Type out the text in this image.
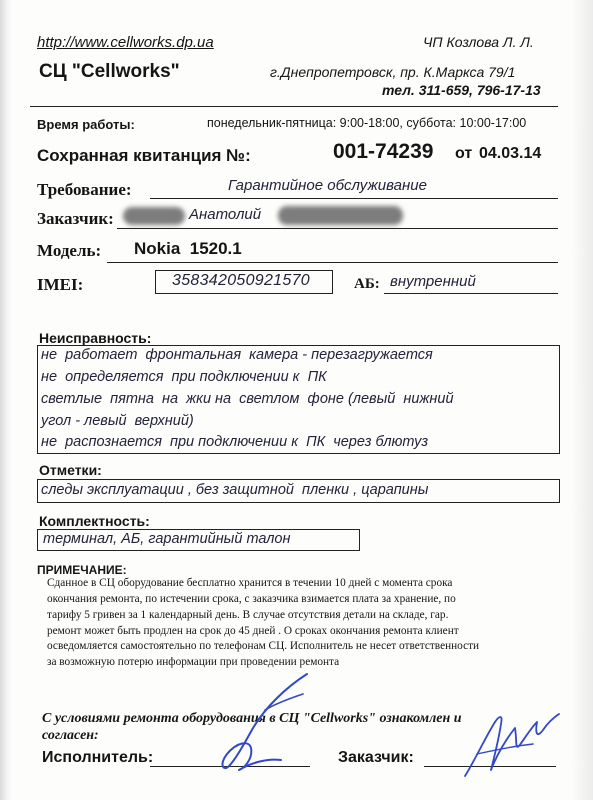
http://www.cellworks.dp.ua	ЧП Козлова Л. Л.
СЦ "Cellworks"	г.Днепропетровск, пр. К.Маркса 79/1
тел. 311-659, 796-17-13
Время работы:	понедельник-пятница: 9:00-18:00, суббота: 10:00-17:00
Сохранная квитанция №:	001-74239 от 04.03.14
Требование:	Гарантийное обслуживание
Заказчик:	Анатолий
Модель: Nokia  1520.1
IMEI:	358342050921570	АБ: внутренний
Неисправность:
не  работает  фронтальная  камера - перезагружается
не  определяется  при подключении к  ПК
светлые  пятна  на  жки на  светлом  фоне (левый  нижний
угол - левый  верхний)
не  распознается  при подключении к  ПК  через блютуз
Отметки:
следы эксплуатации , без защитной  пленки , царапины
Комплектность:
терминал, АБ, гарантийный талон
ПРИМЕЧАНИЕ:
Сданное в СЦ оборудование бесплатно хранится в течении 10 дней с момента срока
окончания ремонта, по истечении срока, с заказчика взимается плата за хранение, по
тарифу 5 гривен за 1 календарный день. В случае отсутствия детали на складе, гар.
ремонт может быть продлен на срок до 45 дней . О сроках окончания ремонта клиент
осведомляется самостоятельно по телефонам СЦ. Исполнитель не несет ответственности
за возможную потерю информации при проведении ремонта
С условиями ремонта оборудования в СЦ "Cellworks" ознакомлен и
согласен:
Исполнитель:	Заказчик:
